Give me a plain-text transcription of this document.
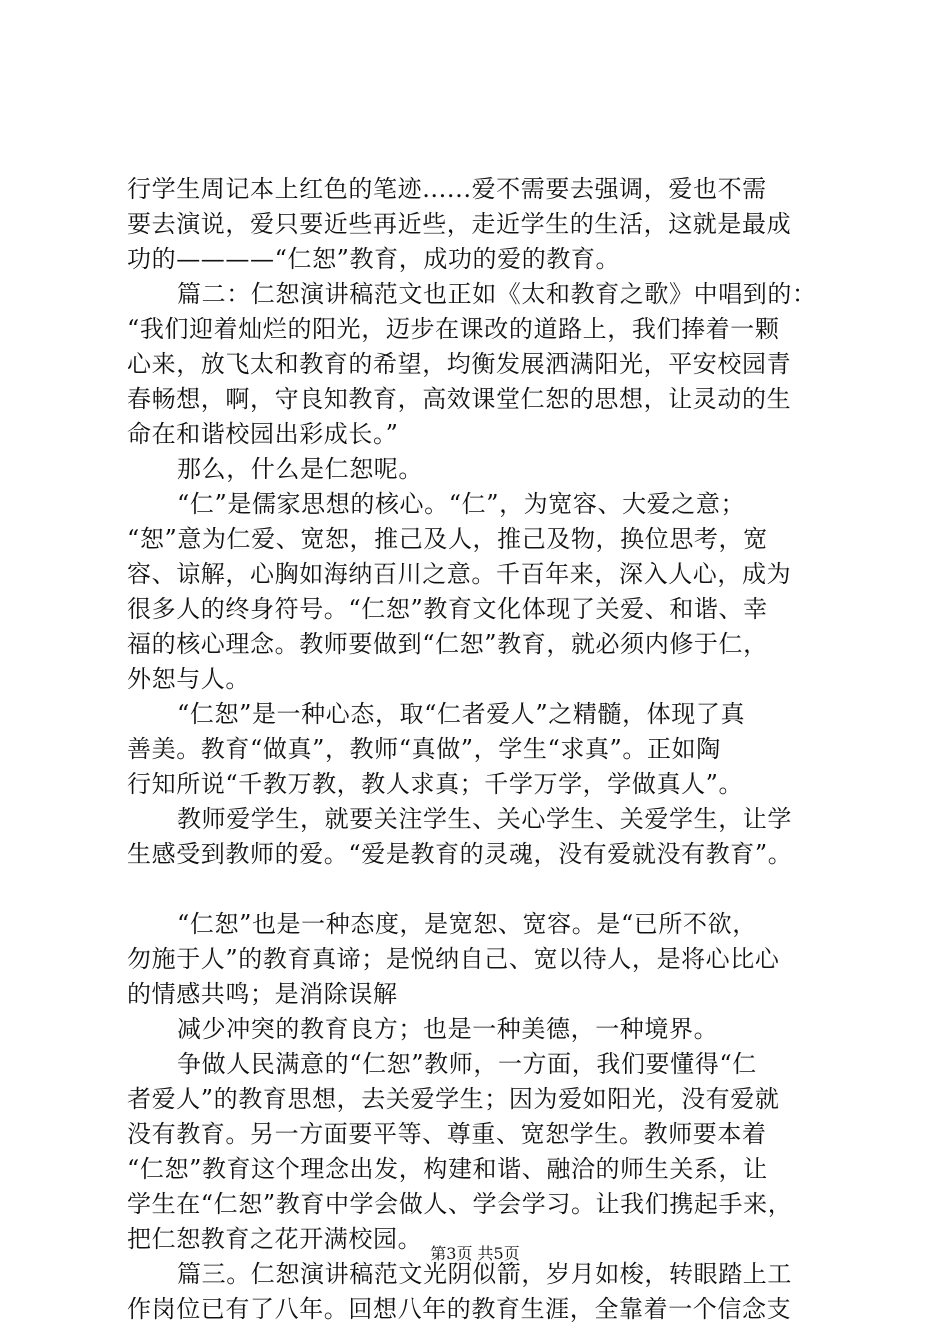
行学生周记本上红色的笔迹......爱不需要去强调，爱也不需
要去演说，爱只要近些再近些，走近学生的生活，这就是最成
功的————“仁恕”教育，成功的爱的教育。
篇二：仁恕演讲稿范文也正如《太和教育之歌》中唱到的：
“我们迎着灿烂的阳光，迈步在课改的道路上，我们捧着一颗
心来，放飞太和教育的希望，均衡发展洒满阳光，平安校园青
春畅想，啊，守良知教育，高效课堂仁恕的思想，让灵动的生
命在和谐校园出彩成长。”
那么，什么是仁恕呢。
“仁”是儒家思想的核心。“仁”，为宽容、大爱之意；
“恕”意为仁爱、宽恕，推己及人，推己及物，换位思考，宽
容、谅解，心胸如海纳百川之意。千百年来，深入人心，成为
很多人的终身符号。“仁恕”教育文化体现了关爱、和谐、幸
福的核心理念。教师要做到“仁恕”教育，就必须内修于仁，
外恕与人。
“仁恕”是一种心态，取“仁者爱人”之精髓，体现了真
善美。教育“做真”，教师“真做”，学生“求真”。正如陶
行知所说“千教万教，教人求真；千学万学，学做真人”。
教师爱学生，就要关注学生、关心学生、关爱学生，让学
生感受到教师的爱。“爱是教育的灵魂，没有爱就没有教育”。
“仁恕”也是一种态度，是宽恕、宽容。是“已所不欲，
勿施于人”的教育真谛；是悦纳自己、宽以待人，是将心比心
的情感共鸣；是消除误解
减少冲突的教育良方；也是一种美德，一种境界。
争做人民满意的“仁恕”教师，一方面，我们要懂得“仁
者爱人”的教育思想，去关爱学生；因为爱如阳光，没有爱就
没有教育。另一方面要平等、尊重、宽恕学生。教师要本着
“仁恕”教育这个理念出发，构建和谐、融洽的师生关系，让
学生在“仁恕”教育中学会做人、学会学习。让我们携起手来，
把仁恕教育之花开满校园。
篇三。仁恕演讲稿范文光阴似箭，岁月如梭，转眼踏上工
作岗位已有了八年。回想八年的教育生涯，全靠着一个信念支
第3页 共5页
